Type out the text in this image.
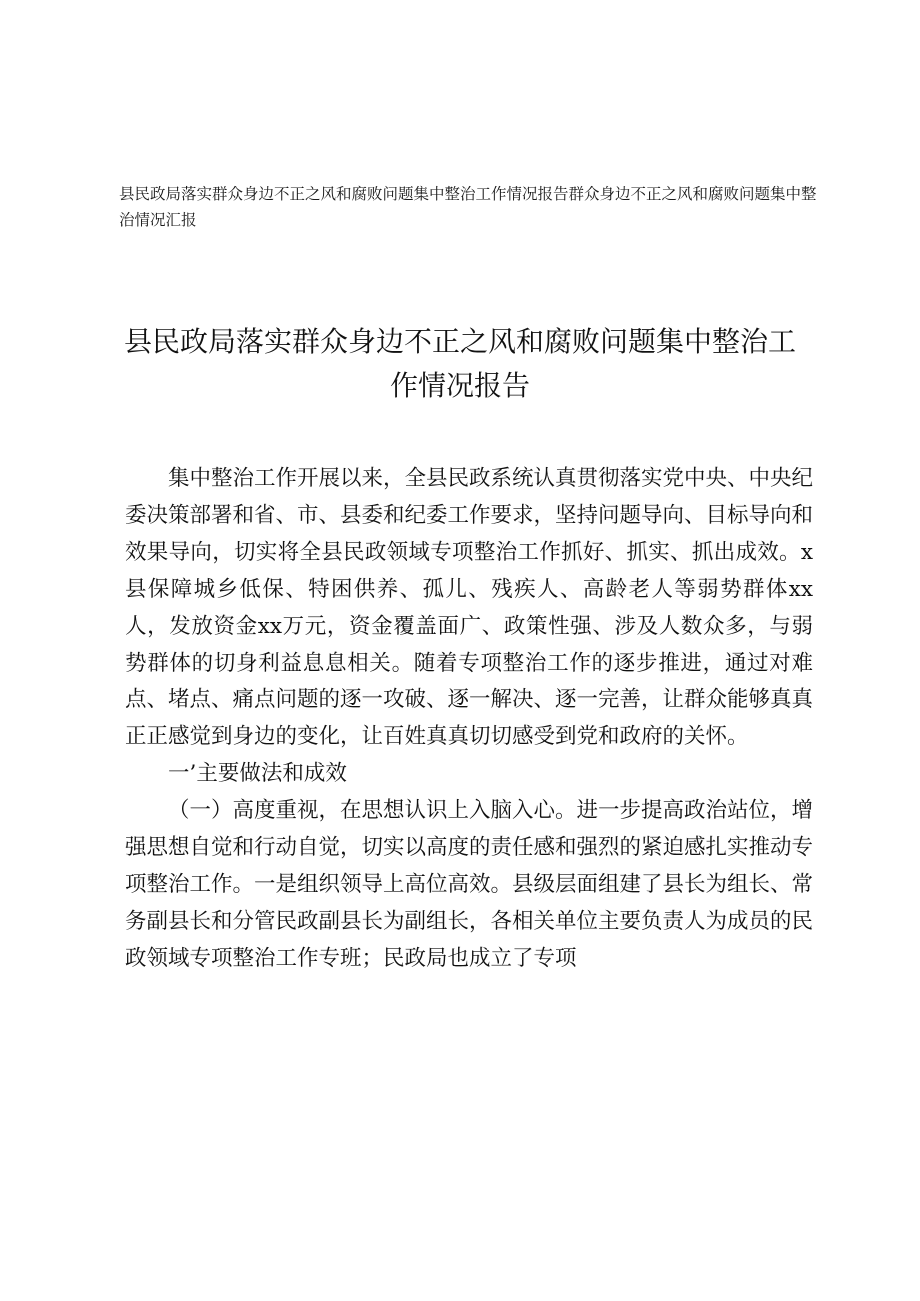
县民政局落实群众身边不正之风和腐败问题集中整治工作情况报告群众身边不正之风和腐败问题集中整治情况汇报
县民政局落实群众身边不正之风和腐败问题集中整治工作情况报告

集中整治工作开展以来，全县民政系统认真贯彻落实党中央、中央纪委决策部署和省、市、县委和纪委工作要求，坚持问题导向、目标导向和效果导向，切实将全县民政领域专项整治工作抓好、抓实、抓出成效。x县保障城乡低保、特困供养、孤儿、残疾人、高龄老人等弱势群体xx人，发放资金xx万元，资金覆盖面广、政策性强、涉及人数众多，与弱势群体的切身利益息息相关。随着专项整治工作的逐步推进，通过对难点、堵点、痛点问题的逐一攻破、逐一解决、逐一完善，让群众能够真真正正感觉到身边的变化，让百姓真真切切感受到党和政府的关怀。

一’主要做法和成效

（一）高度重视，在思想认识上入脑入心。进一步提高政治站位，增强思想自觉和行动自觉，切实以高度的责任感和强烈的紧迫感扎实推动专项整治工作。一是组织领导上高位高效。县级层面组建了县长为组长、常务副县长和分管民政副县长为副组长，各相关单位主要负责人为成员的民政领域专项整治工作专班；民政局也成立了专项
